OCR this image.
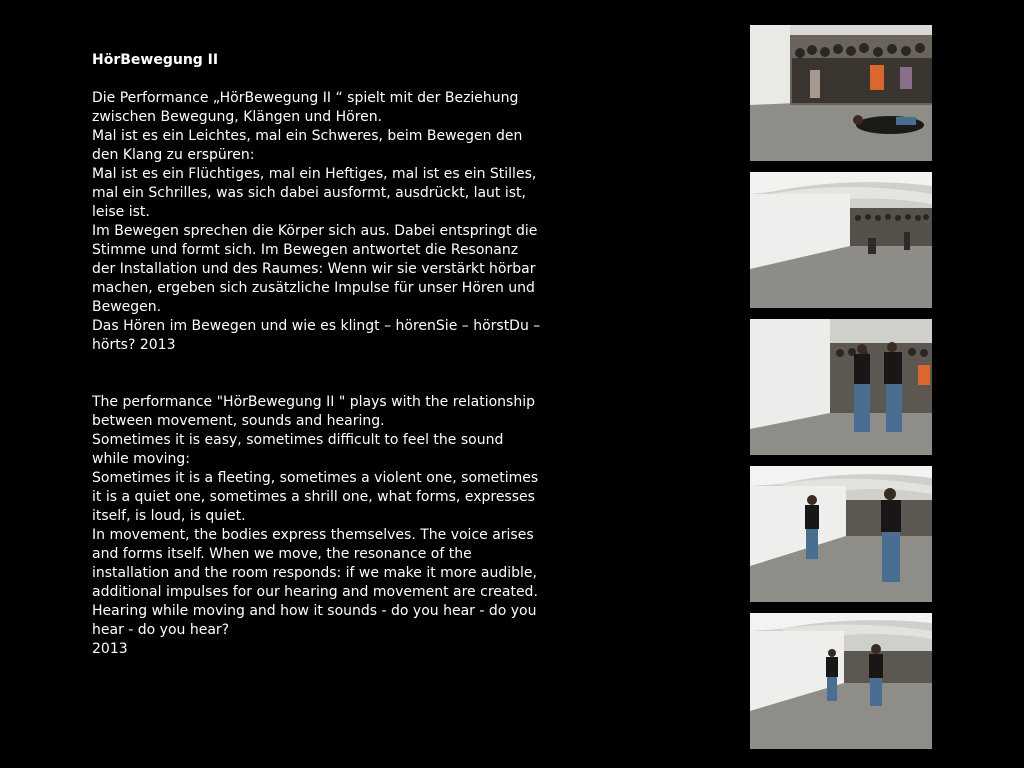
HörBewegung II

Die Performance „HörBewegung II “ spielt mit der Beziehung zwischen Bewegung, Klängen und Hören.

Mal ist es ein Leichtes, mal ein Schweres, beim Bewegen den den Klang zu erspüren:

Mal ist es ein Flüchtiges, mal ein Heftiges, mal ist es ein Stilles, mal ein Schrilles, was sich dabei ausformt, ausdrückt, laut ist, leise ist.

Im Bewegen sprechen die Körper sich aus. Dabei entspringt die Stimme und formt sich. Im Bewegen antwortet die Resonanz der Installation und des Raumes: Wenn wir sie verstärkt hörbar machen, ergeben sich zusätzliche Impulse für unser Hören und Bewegen.

Das Hören im Bewegen und wie es klingt – hörenSie – hörstDu – hörts? 2013

The performance "HörBewegung II " plays with the relationship between movement, sounds and hearing.

Sometimes it is easy, sometimes difficult to feel the sound while moving:

Sometimes it is a fleeting, sometimes a violent one, sometimes it is a quiet one, sometimes a shrill one, what forms, expresses itself, is loud, is quiet.

In movement, the bodies express themselves. The voice arises and forms itself. When we move, the resonance of the installation and the room responds: if we make it more audible, additional impulses for our hearing and movement are created.

Hearing while moving and how it sounds - do you hear - do you hear - do you hear?

2013
